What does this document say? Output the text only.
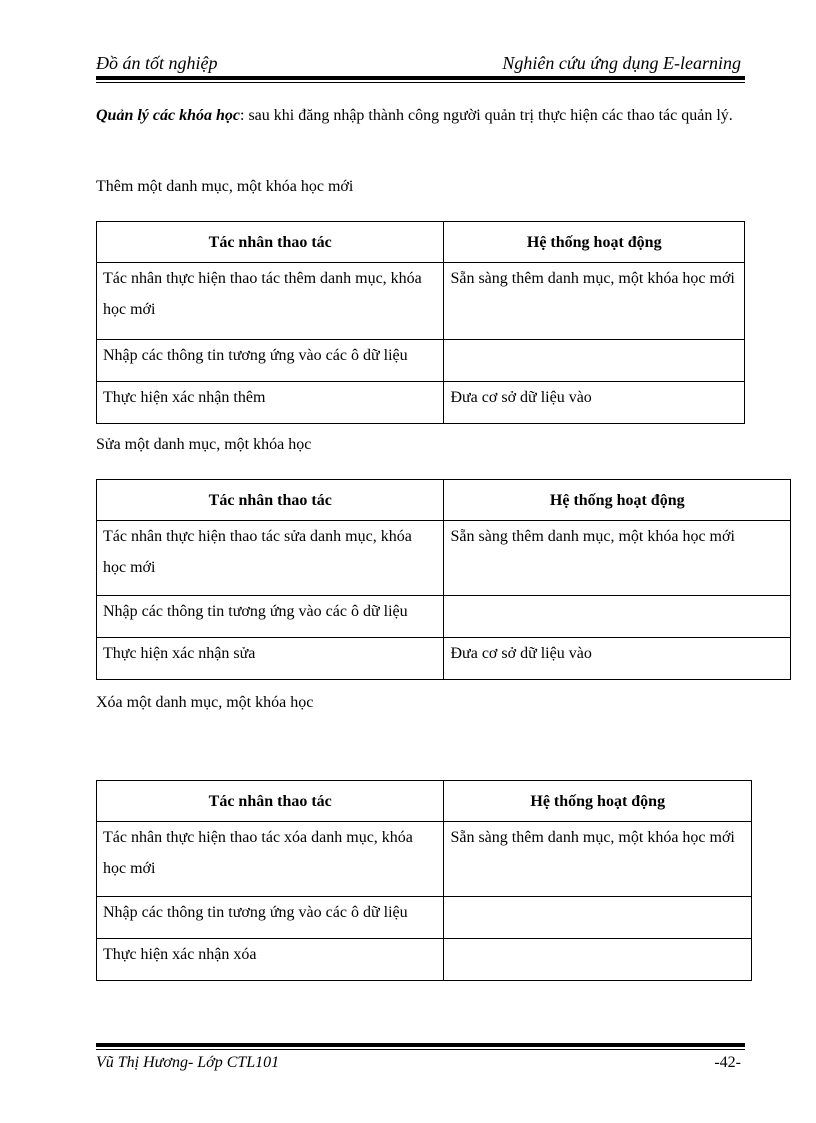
Đồ án tốt nghiệp	Nghiên cứu ứng dụng E-learning
Quản lý các khóa học: sau khi đăng nhập thành công người quản trị thực hiện các thao tác quản lý.
Thêm một danh mục, một khóa học mới
Tác nhân thao tác	Hệ thống hoạt động
Tác nhân thực hiện thao tác thêm danh mục, khóa học mới	Sẵn sàng thêm danh mục, một khóa học mới
Nhập các thông tin tương ứng vào các ô dữ liệu	
Thực hiện xác nhận thêm	Đưa cơ sở dữ liệu vào
Sửa một danh mục, một khóa học
Tác nhân thao tác	Hệ thống hoạt động
Tác nhân thực hiện thao tác sửa danh mục, khóa học mới	Sẵn sàng thêm danh mục, một khóa học mới
Nhập các thông tin tương ứng vào các ô dữ liệu	
Thực hiện xác nhận sửa	Đưa cơ sở dữ liệu vào
Xóa một danh mục, một khóa học
Tác nhân thao tác	Hệ thống hoạt động
Tác nhân thực hiện thao tác xóa danh mục, khóa học mới	Sẵn sàng thêm danh mục, một khóa học mới
Nhập các thông tin tương ứng vào các ô dữ liệu	
Thực hiện xác nhận xóa	
Vũ Thị Hương- Lớp CTL101	-42-
